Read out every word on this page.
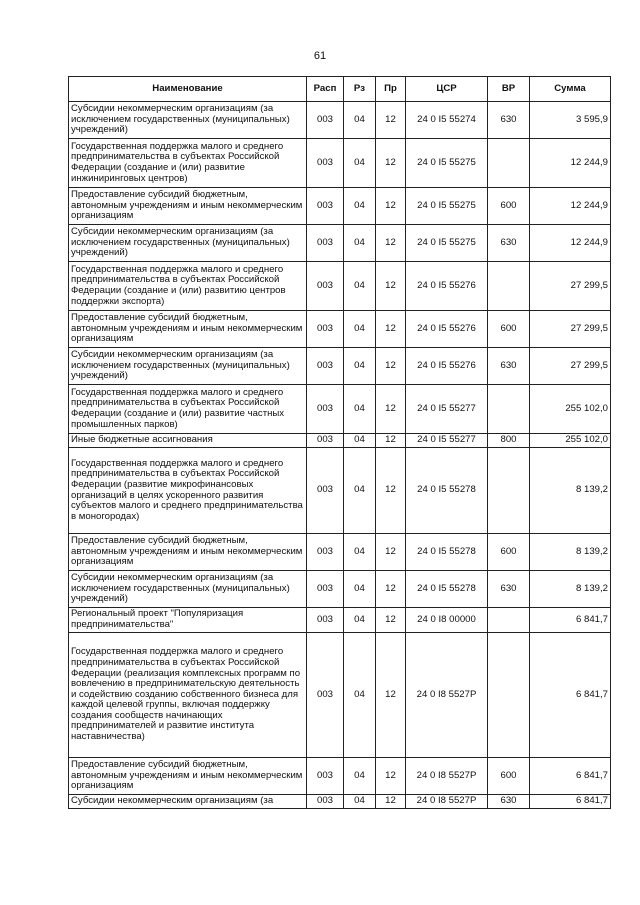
61
Наименование	Расп	Рз	Пр	ЦСР	ВР	Сумма
Субсидии некоммерческим организациям (за исключением государственных (муниципальных) учреждений)	003	04	12	24 0 I5 55274	630	3 595,9
Государственная поддержка малого и среднего предпринимательства в субъектах Российской Федерации (создание и (или) развитие инжиниринговых центров)	003	04	12	24 0 I5 55275		12 244,9
Предоставление субсидий бюджетным, автономным учреждениям и иным некоммерческим организациям	003	04	12	24 0 I5 55275	600	12 244,9
Субсидии некоммерческим организациям (за исключением государственных (муниципальных) учреждений)	003	04	12	24 0 I5 55275	630	12 244,9
Государственная поддержка малого и среднего предпринимательства в субъектах Российской Федерации (создание и (или) развитию центров поддержки экспорта)	003	04	12	24 0 I5 55276		27 299,5
Предоставление субсидий бюджетным, автономным учреждениям и иным некоммерческим организациям	003	04	12	24 0 I5 55276	600	27 299,5
Субсидии некоммерческим организациям (за исключением государственных (муниципальных) учреждений)	003	04	12	24 0 I5 55276	630	27 299,5
Государственная поддержка малого и среднего предпринимательства в субъектах Российской Федерации (создание и (или) развитие частных промышленных парков)	003	04	12	24 0 I5 55277		255 102,0
Иные бюджетные ассигнования	003	04	12	24 0 I5 55277	800	255 102,0
Государственная поддержка малого и среднего предпринимательства в субъектах Российской Федерации (развитие микрофинансовых организаций в целях ускоренного развития субъектов малого и среднего предпринимательства в моногородах)	003	04	12	24 0 I5 55278		8 139,2
Предоставление субсидий бюджетным, автономным учреждениям и иным некоммерческим организациям	003	04	12	24 0 I5 55278	600	8 139,2
Субсидии некоммерческим организациям (за исключением государственных (муниципальных) учреждений)	003	04	12	24 0 I5 55278	630	8 139,2
Региональный проект "Популяризация предпринимательства"	003	04	12	24 0 I8 00000		6 841,7
Государственная поддержка малого и среднего предпринимательства в субъектах Российской Федерации (реализация комплексных программ по вовлечению в предпринимательскую деятельность и содействию созданию собственного бизнеса для каждой целевой группы, включая поддержку создания сообществ начинающих предпринимателей и развитие института наставничества)	003	04	12	24 0 I8 5527P		6 841,7
Предоставление субсидий бюджетным, автономным учреждениям и иным некоммерческим организациям	003	04	12	24 0 I8 5527P	600	6 841,7
Субсидии некоммерческим организациям (за	003	04	12	24 0 I8 5527P	630	6 841,7
